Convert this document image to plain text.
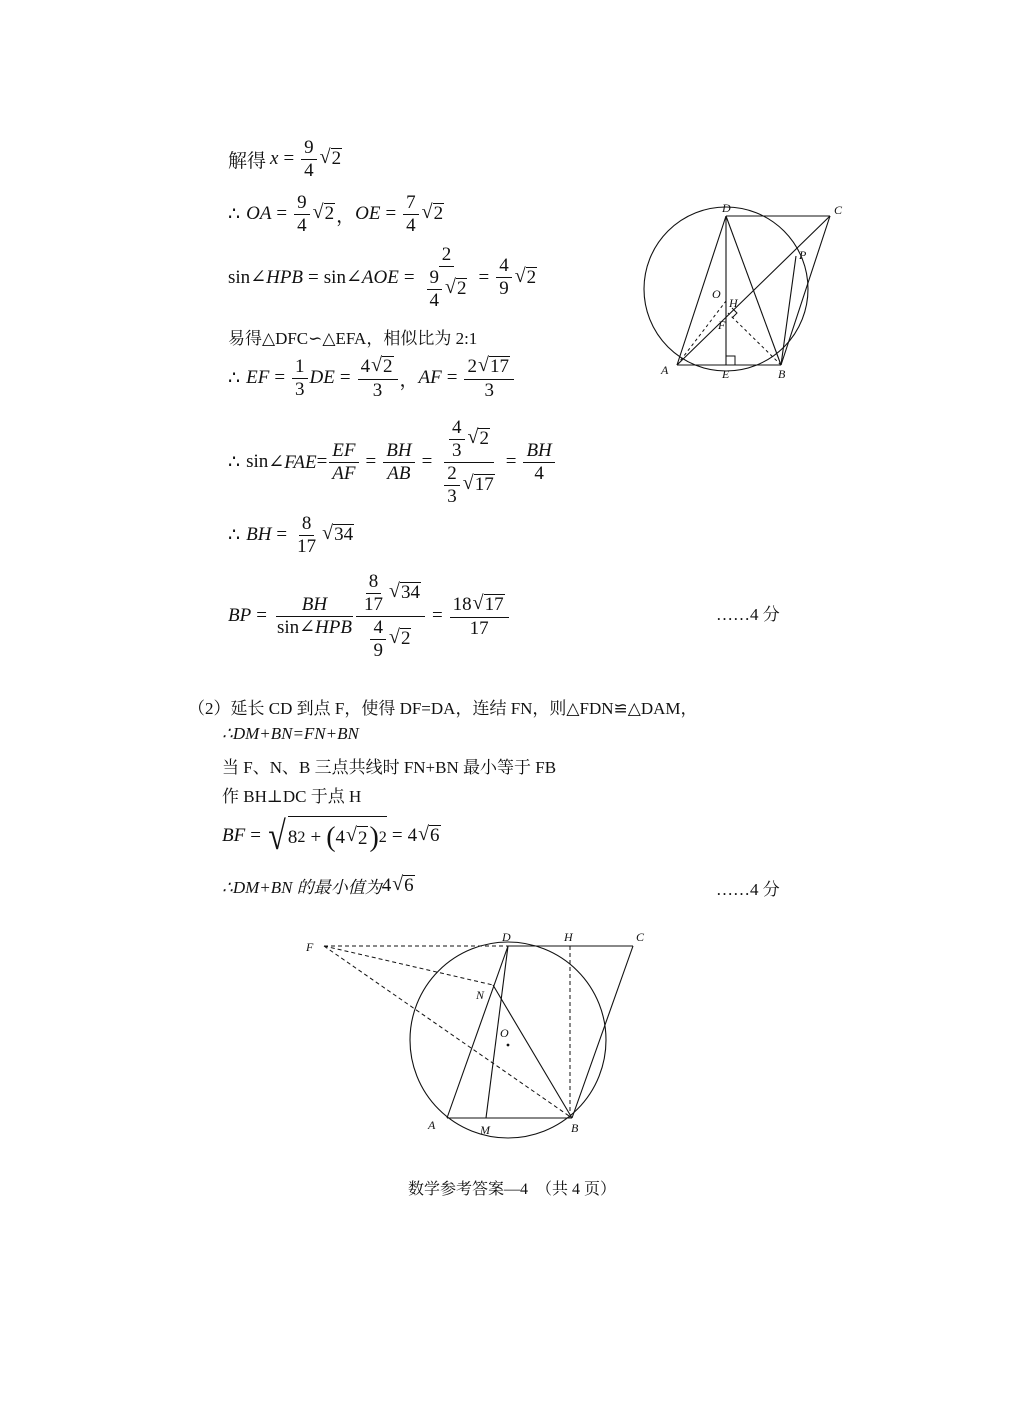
解得 $x = \frac{9}{4}$ √ 2
∴ OA = $\frac{9}{4}$ √ 2 ， OE = $\frac{7}{4}$ √ 2
sin ∠HPB = sin ∠AOE = $\frac{2}{\frac{9}{4} √ 2} = \frac{4}{9}$ √ 2
易得△DFC∽△EFA，相似比为 2:1
∴ EF = $\frac{1}{3}$ DE = $\frac{4 √ 2}{3}$ ， AF = $\frac{2 √ 17}{3}$
∴ sin ∠FAE = $\frac{EF}{AF} = \frac{BH}{AB} = \frac{\frac{4}{3} √ 2}{\frac{2}{3} √ 17} = \frac{BH}{4}$
∴ BH = $\frac{8}{17}$ √ 34
BP = $\frac{BH}{\text{sin ∠HPB}} \frac{\frac{8}{17} √ 34}{\frac{4}{9} √ 2} = \frac{18 √ 17}{17}$	……4 分
D	C
P
O
H
F
A	E	B
（2）延长 CD 到点 F，使得 DF=DA，连结 FN，则△FDN≌△DAM，
∴DM+BN=FN+BN
当 F、N、B 三点共线时 FN+BN 最小等于 FB
作 BH⊥DC 于点 H
BF = √ 8 2 + ( 4 √ 2 ) 2 = 4 √ 6
∴DM+BN 的最小值为 4 √ 6	……4 分
F
D	H	C
N
O
A	M	B
数学参考答案—4　（共 4 页）
